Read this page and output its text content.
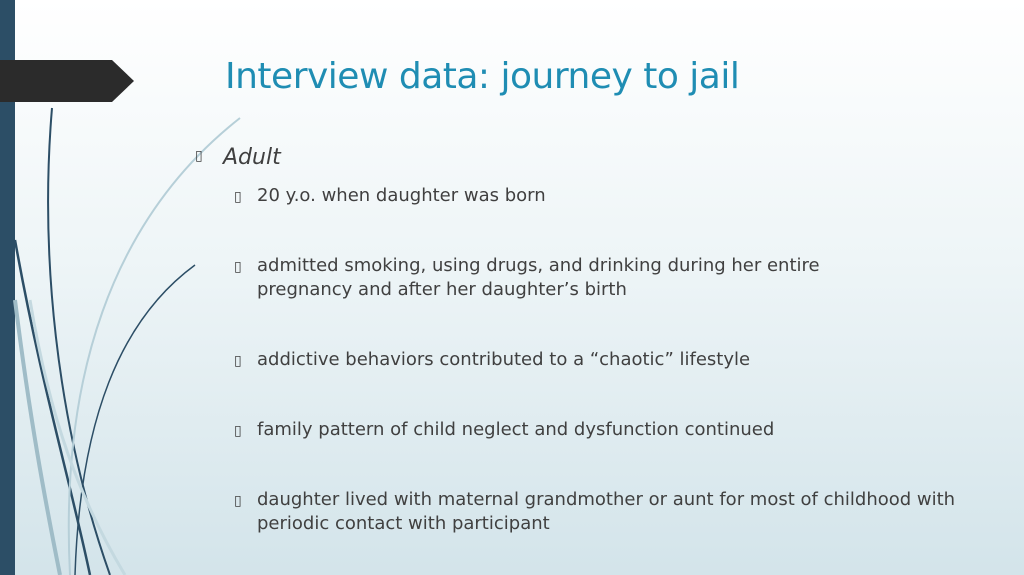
Interview data: journey to jail
▯ Adult
▯ 20 y.o. when daughter was born
▯ admitted smoking, using drugs, and drinking during her entire pregnancy and after her daughter’s birth
▯ addictive behaviors contributed to a “chaotic” lifestyle
▯ family pattern of child neglect and dysfunction continued
▯ daughter lived with maternal grandmother or aunt for most of childhood with periodic contact with participant
